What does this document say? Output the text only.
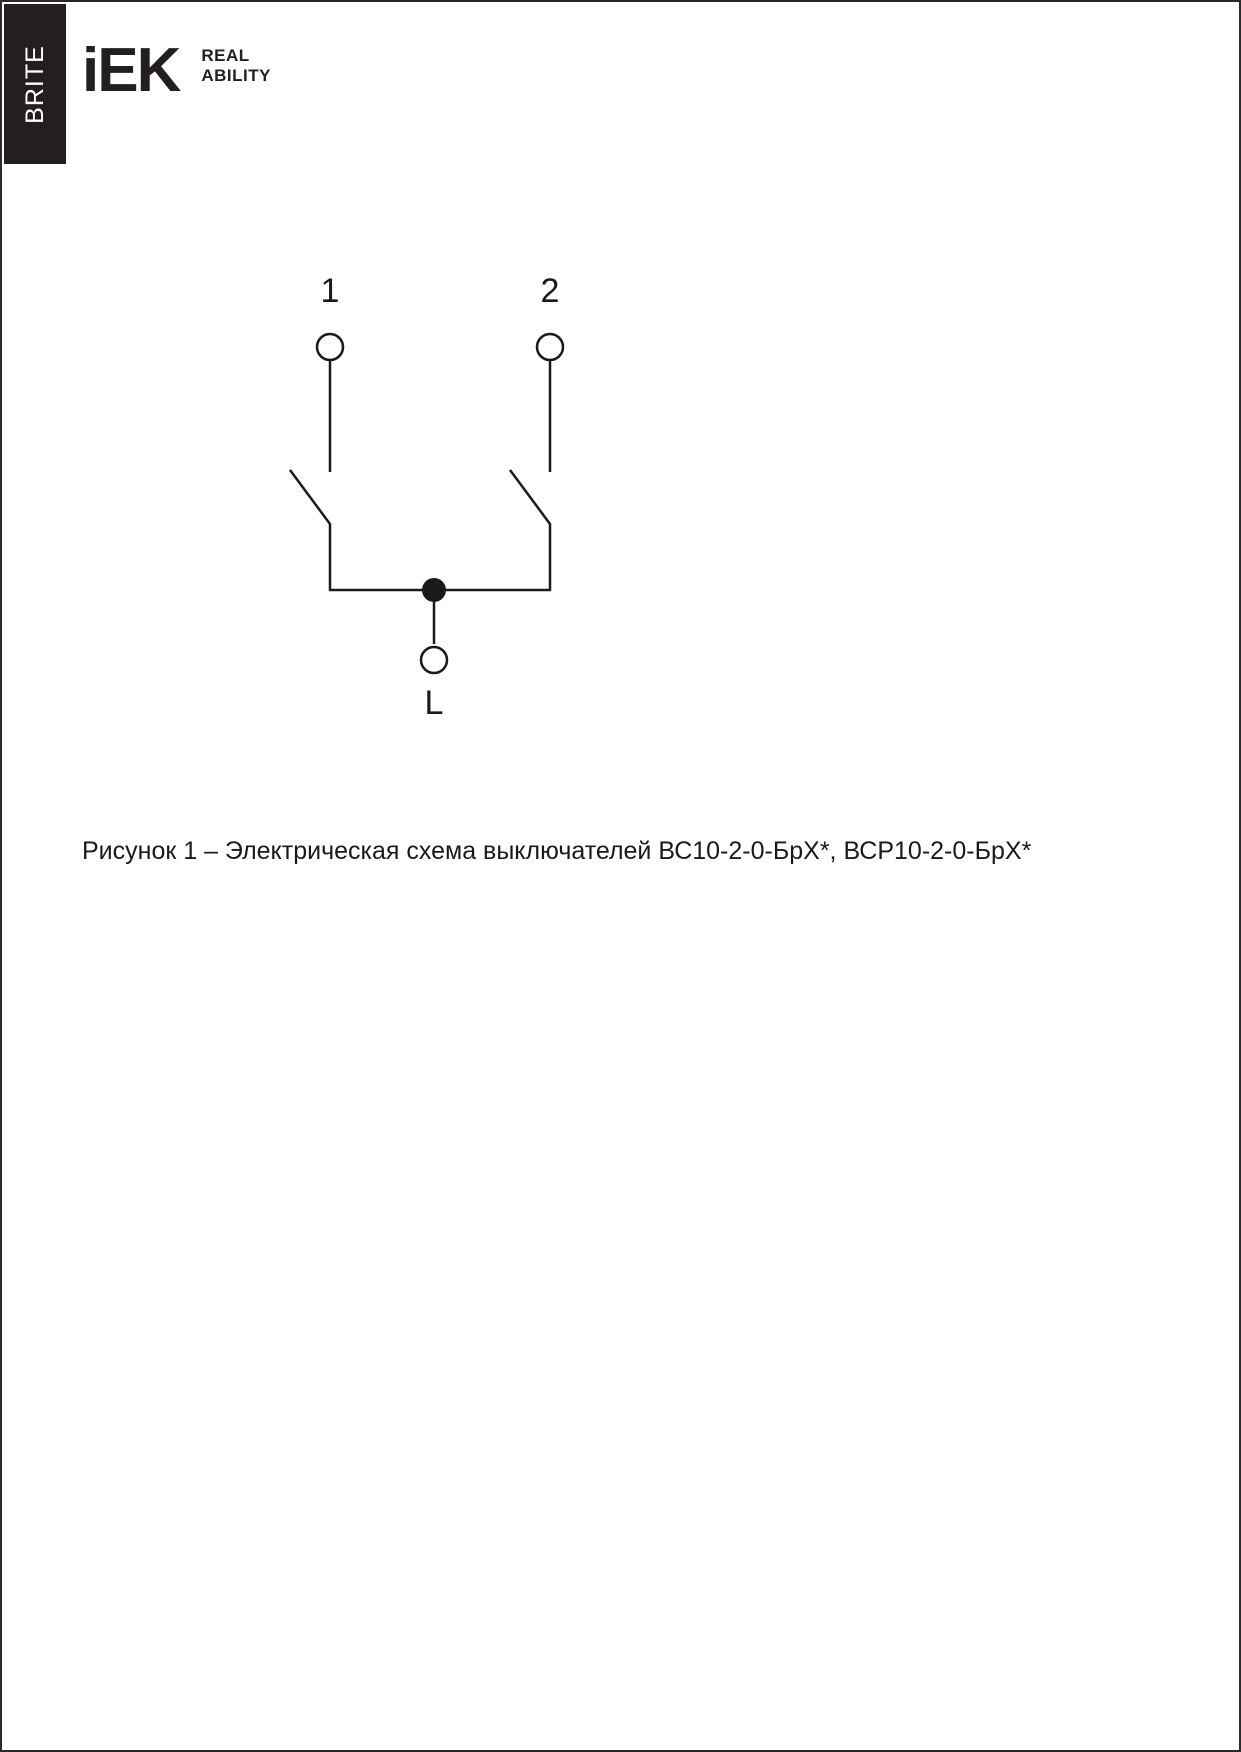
BRITE iEK REAL
ABILITY
1	2
L
Рисунок 1 – Электрическая схема выключателей ВС10-2-0-БрХ*, ВСР10-2-0-БрХ*
